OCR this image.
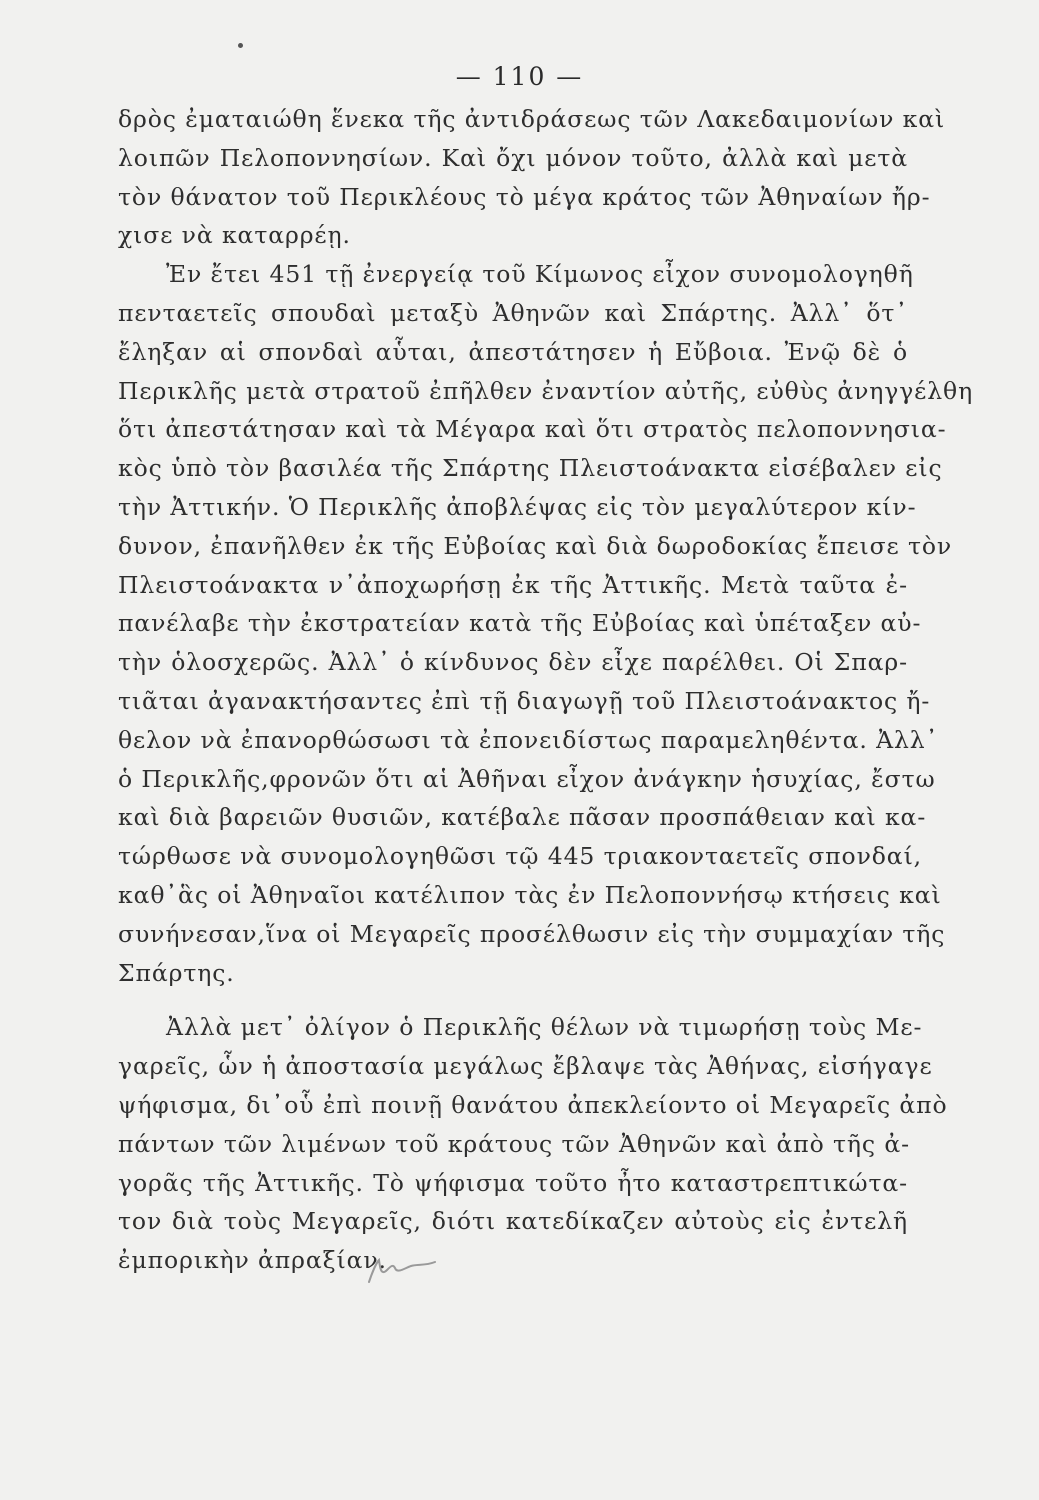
— 110 —
δρὸς ἐματαιώθη ἕνεκα τῆς ἀντιδράσεως τῶν Λακεδαιμονίων καὶ
λοιπῶν Πελοποννησίων. Καὶ ὄχι μόνον τοῦτο, ἀλλὰ καὶ μετὰ
τὸν θάνατον τοῦ Περικλέους τὸ μέγα κράτος τῶν Ἀθηναίων ἤρ-
χισε νὰ καταρρέῃ.
Ἐν ἔτει 451 τῇ ἐνεργείᾳ τοῦ Κίμωνος εἶχον συνομολογηθῆ
πενταετεῖς σπουδαὶ μεταξὺ Ἀθηνῶν καὶ Σπάρτης. Ἀλλ᾽ ὅτ᾽
ἔληξαν αἱ σπονδαὶ αὗται, ἀπεστάτησεν ἡ Εὔβοια. Ἐνῷ δὲ ὁ
Περικλῆς μετὰ στρατοῦ ἐπῆλθεν ἐναντίον αὐτῆς, εὐθὺς ἀνηγγέλθη
ὅτι ἀπεστάτησαν καὶ τὰ Μέγαρα καὶ ὅτι στρατὸς πελοποννησια-
κὸς ὑπὸ τὸν βασιλέα τῆς Σπάρτης Πλειστοάνακτα εἰσέβαλεν εἰς
τὴν Ἀττικήν. Ὁ Περικλῆς ἀποβλέψας εἰς τὸν μεγαλύτερον κίν-
δυνον, ἐπανῆλθεν ἐκ τῆς Εὐβοίας καὶ διὰ δωροδοκίας ἔπεισε τὸν
Πλειστοάνακτα ν᾽ἀποχωρήσῃ ἐκ τῆς Ἀττικῆς. Μετὰ ταῦτα ἐ-
πανέλαβε τὴν ἐκστρατείαν κατὰ τῆς Εὐβοίας καὶ ὑπέταξεν αὐ-
τὴν ὁλοσχερῶς. Ἀλλ᾽ ὁ κίνδυνος δὲν εἶχε παρέλθει. Οἱ Σπαρ-
τιᾶται ἀγανακτήσαντες ἐπὶ τῇ διαγωγῇ τοῦ Πλειστοάνακτος ἤ-
θελον νὰ ἐπανορθώσωσι τὰ ἐπονειδίστως παραμεληθέντα. Ἀλλ᾽
ὁ Περικλῆς,φρονῶν ὅτι αἱ Ἀθῆναι εἶχον ἀνάγκην ἡσυχίας, ἔστω
καὶ διὰ βαρειῶν θυσιῶν, κατέβαλε πᾶσαν προσπάθειαν καὶ κα-
τώρθωσε νὰ συνομολογηθῶσι τῷ 445 τριακονταετεῖς σπονδαί,
καθ᾽ἃς οἱ Ἀθηναῖοι κατέλιπον τὰς ἐν Πελοποννήσῳ κτήσεις καὶ
συνήνεσαν,ἵνα οἱ Μεγαρεῖς προσέλθωσιν εἰς τὴν συμμαχίαν τῆς
Σπάρτης.
Ἀλλὰ μετ᾽ ὀλίγον ὁ Περικλῆς θέλων νὰ τιμωρήσῃ τοὺς Με-
γαρεῖς, ὧν ἡ ἀποστασία μεγάλως ἔβλαψε τὰς Ἀθήνας, εἰσήγαγε
ψήφισμα, δι᾽οὗ ἐπὶ ποινῇ θανάτου ἀπεκλείοντο οἱ Μεγαρεῖς ἀπὸ
πάντων τῶν λιμένων τοῦ κράτους τῶν Ἀθηνῶν καὶ ἀπὸ τῆς ἀ-
γορᾶς τῆς Ἀττικῆς. Τὸ ψήφισμα τοῦτο ἦτο καταστρεπτικώτα-
τον διὰ τοὺς Μεγαρεῖς, διότι κατεδίκαζεν αὐτοὺς εἰς ἐντελῆ
ἐμπορικὴν ἀπραξίαν.
